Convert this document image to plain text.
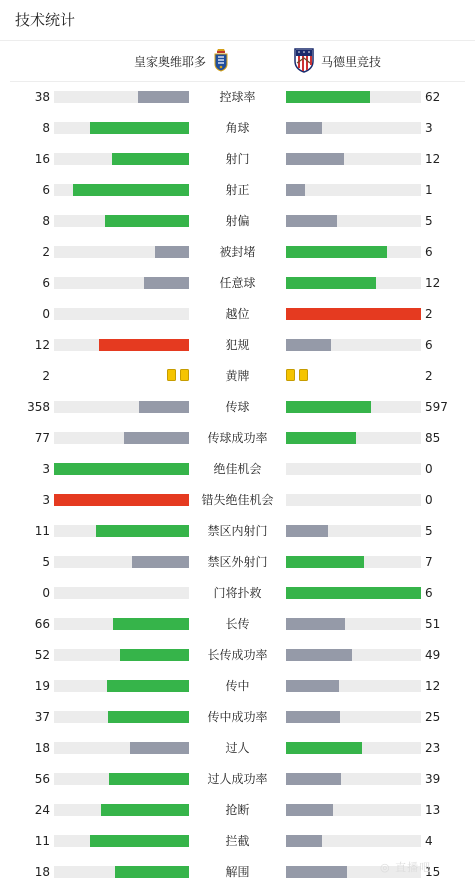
技术统计
皇家奥维耶多	马德里竞技
38	控球率	62
8	角球	3
16	射门	12
6	射正	1
8	射偏	5
2	被封堵	6
6	任意球	12
0	越位	2
12	犯规	6
2	黄牌	2
358	传球	597
77	传球成功率	85
3	绝佳机会	0
3	错失绝佳机会	0
11	禁区内射门	5
5	禁区外射门	7
0	门将扑救	6
66	长传	51
52	长传成功率	49
19	传中	12
37	传中成功率	25
18	过人	23
56	过人成功率	39
24	抢断	13
11	拦截	4
18	解围	15
◎ 直播吧
